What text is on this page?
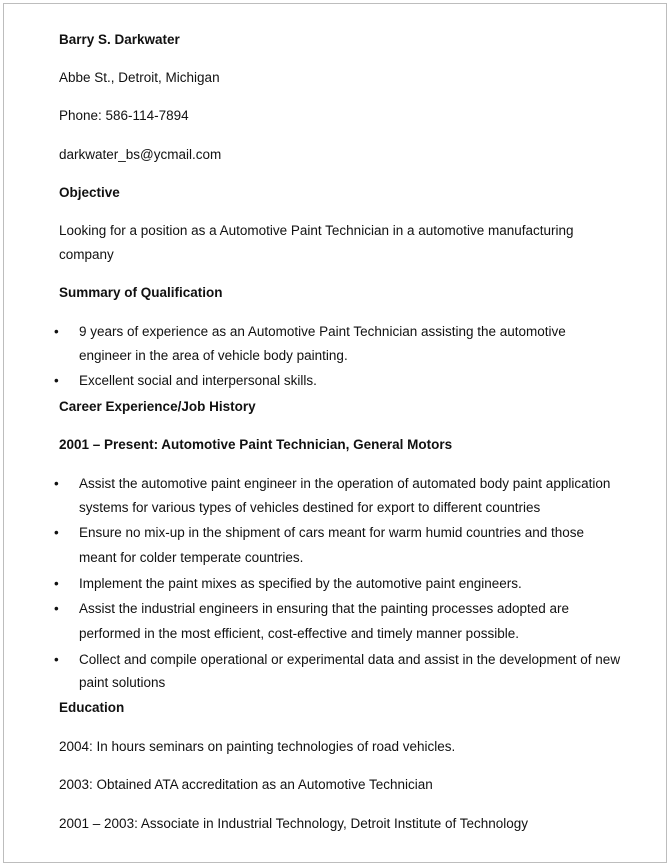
Barry S. Darkwater
Abbe St., Detroit, Michigan
Phone: 586-114-7894
darkwater_bs@ycmail.com
Objective
Looking for a position as a Automotive Paint Technician in a automotive manufacturing
company
Summary of Qualification
• 9 years of experience as an Automotive Paint Technician assisting the automotive
engineer in the area of vehicle body painting.
• Excellent social and interpersonal skills.
Career Experience/Job History
2001 – Present: Automotive Paint Technician, General Motors
• Assist the automotive paint engineer in the operation of automated body paint application
systems for various types of vehicles destined for export to different countries
• Ensure no mix-up in the shipment of cars meant for warm humid countries and those
meant for colder temperate countries.
• Implement the paint mixes as specified by the automotive paint engineers.
• Assist the industrial engineers in ensuring that the painting processes adopted are
performed in the most efficient, cost-effective and timely manner possible.
• Collect and compile operational or experimental data and assist in the development of new
paint solutions
Education
2004: In hours seminars on painting technologies of road vehicles.
2003: Obtained ATA accreditation as an Automotive Technician
2001 – 2003: Associate in Industrial Technology, Detroit Institute of Technology
